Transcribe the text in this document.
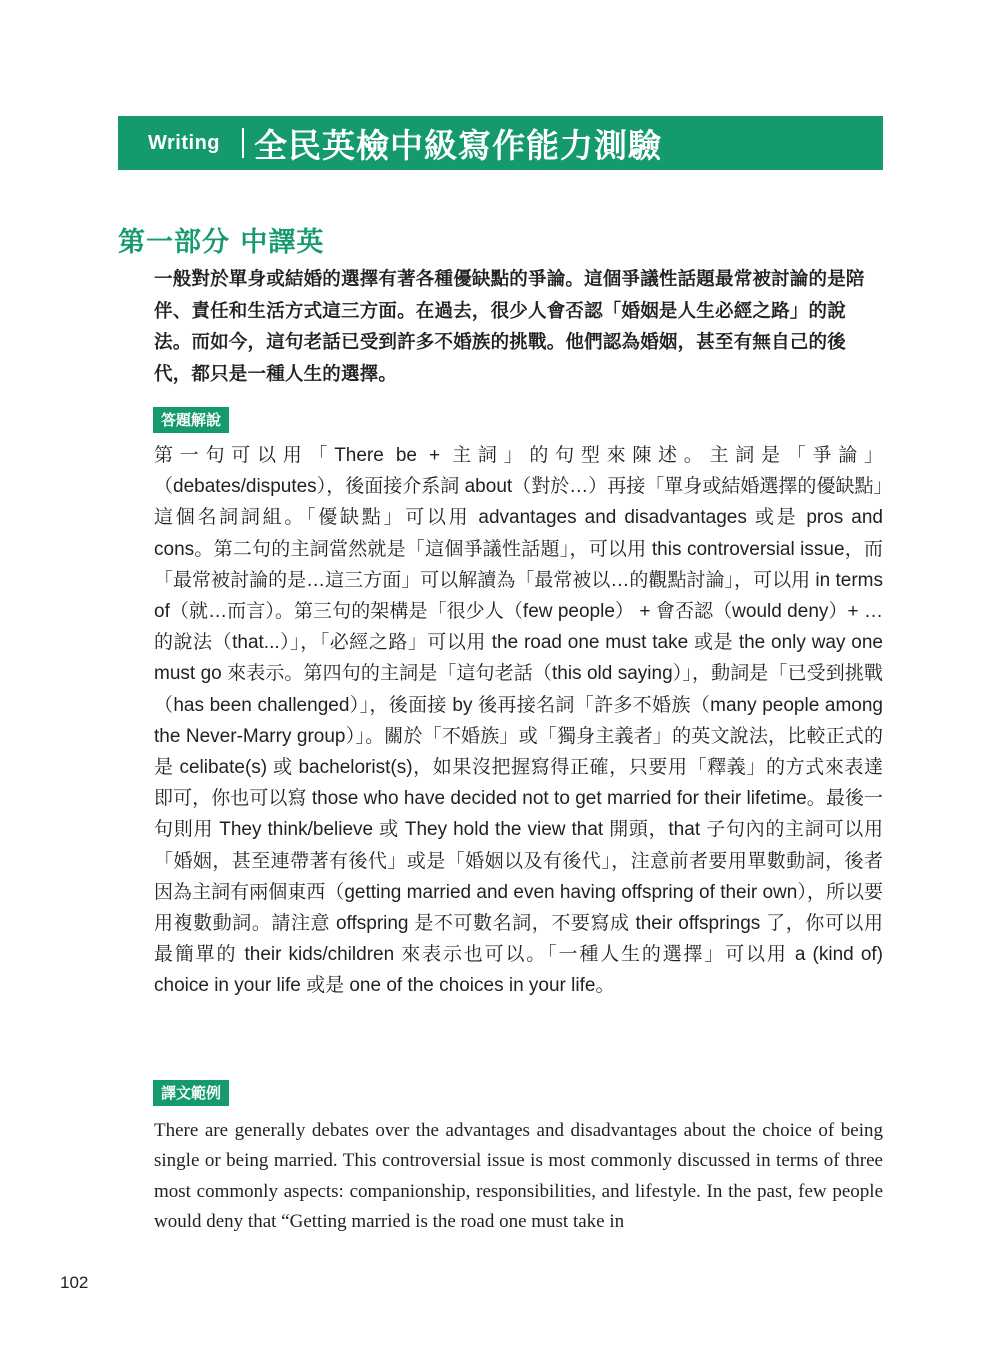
Writing 全民英檢中級寫作能力測驗
第一部分 中譯英

一般對於單身或結婚的選擇有著各種優缺點的爭論。這個爭議性話題最常被討論的是陪伴、責任和生活方式這三方面。在過去，很少人會否認「婚姻是人生必經之路」的說法。而如今，這句老話已受到許多不婚族的挑戰。他們認為婚姻，甚至有無自己的後代，都只是一種人生的選擇。

答題解說

第一句可以用「There be + 主詞」的句型來陳述。主詞是「爭論」（debates/disputes），後面接介系詞 about（對於…）再接「單身或結婚選擇的優缺點」這個名詞詞組。「優缺點」可以用 advantages and disadvantages 或是 pros and cons。第二句的主詞當然就是「這個爭議性話題」，可以用 this controversial issue，而「最常被討論的是…這三方面」可以解讀為「最常被以…的觀點討論」，可以用 in terms of（就…而言）。第三句的架構是「很少人（few people） + 會否認（would deny）+ …的說法（that...）」，「必經之路」可以用 the road one must take 或是 the only way one must go 來表示。第四句的主詞是「這句老話（this old saying）」，動詞是「已受到挑戰（has been challenged）」，後面接 by 後再接名詞「許多不婚族（many people among the Never-Marry group）」。關於「不婚族」或「獨身主義者」的英文說法，比較正式的是 celibate(s) 或 bachelorist(s)，如果沒把握寫得正確，只要用「釋義」的方式來表達即可，你也可以寫 those who have decided not to get married for their lifetime。最後一句則用 They think/believe 或 They hold the view that 開頭，that 子句內的主詞可以用「婚姻，甚至連帶著有後代」或是「婚姻以及有後代」，注意前者要用單數動詞，後者因為主詞有兩個東西（getting married and even having offspring of their own），所以要用複數動詞。請注意 offspring 是不可數名詞，不要寫成 their offsprings 了，你可以用最簡單的 their kids/children 來表示也可以。「一種人生的選擇」可以用 a (kind of) choice in your life 或是 one of the choices in your life。

譯文範例

There are generally debates over the advantages and disadvantages about the choice of being single or being married. This controversial issue is most commonly discussed in terms of three most commonly aspects: companionship, responsibilities, and lifestyle. In the past, few people would deny that “Getting married is the road one must take in

102
